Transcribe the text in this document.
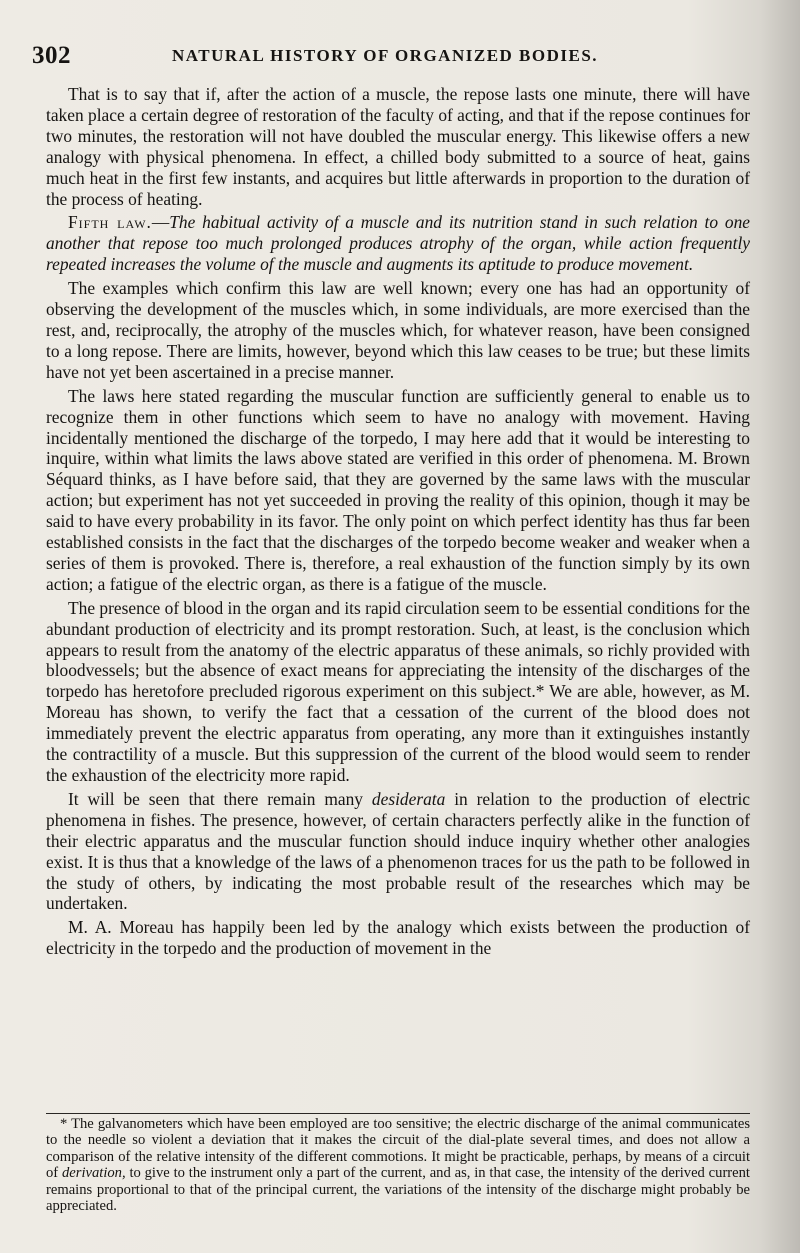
302	NATURAL HISTORY OF ORGANIZED BODIES.

That is to say that if, after the action of a muscle, the repose lasts one minute, there will have taken place a certain degree of restoration of the faculty of acting, and that if the repose continues for two minutes, the restoration will not have doubled the muscular energy. This likewise offers a new analogy with physical phenomena. In effect, a chilled body submitted to a source of heat, gains much heat in the first few instants, and acquires but little afterwards in proportion to the duration of the process of heating.

Fifth law.—The habitual activity of a muscle and its nutrition stand in such relation to one another that repose too much prolonged produces atrophy of the organ, while action frequently repeated increases the volume of the muscle and augments its aptitude to produce movement.

The examples which confirm this law are well known; every one has had an opportunity of observing the development of the muscles which, in some individuals, are more exercised than the rest, and, reciprocally, the atrophy of the muscles which, for whatever reason, have been consigned to a long repose. There are limits, however, beyond which this law ceases to be true; but these limits have not yet been ascertained in a precise manner.

The laws here stated regarding the muscular function are sufficiently general to enable us to recognize them in other functions which seem to have no analogy with movement. Having incidentally mentioned the discharge of the torpedo, I may here add that it would be interesting to inquire, within what limits the laws above stated are verified in this order of phenomena. M. Brown Séquard thinks, as I have before said, that they are governed by the same laws with the muscular action; but experiment has not yet succeeded in proving the reality of this opinion, though it may be said to have every probability in its favor. The only point on which perfect identity has thus far been established consists in the fact that the discharges of the torpedo become weaker and weaker when a series of them is provoked. There is, therefore, a real exhaustion of the function simply by its own action; a fatigue of the electric organ, as there is a fatigue of the muscle.

The presence of blood in the organ and its rapid circulation seem to be essential conditions for the abundant production of electricity and its prompt restoration. Such, at least, is the conclusion which appears to result from the anatomy of the electric apparatus of these animals, so richly provided with bloodvessels; but the absence of exact means for appreciating the intensity of the discharges of the torpedo has heretofore precluded rigorous experiment on this subject.* We are able, however, as M. Moreau has shown, to verify the fact that a cessation of the current of the blood does not immediately prevent the electric apparatus from operating, any more than it extinguishes instantly the contractility of a muscle. But this suppression of the current of the blood would seem to render the exhaustion of the electricity more rapid.

It will be seen that there remain many desiderata in relation to the production of electric phenomena in fishes. The presence, however, of certain characters perfectly alike in the function of their electric apparatus and the muscular function should induce inquiry whether other analogies exist. It is thus that a knowledge of the laws of a phenomenon traces for us the path to be followed in the study of others, by indicating the most probable result of the researches which may be undertaken.

M. A. Moreau has happily been led by the analogy which exists between the production of electricity in the torpedo and the production of movement in the

* The galvanometers which have been employed are too sensitive; the electric discharge of the animal communicates to the needle so violent a deviation that it makes the circuit of the dial-plate several times, and does not allow a comparison of the relative intensity of the different commotions. It might be practicable, perhaps, by means of a circuit of derivation, to give to the instrument only a part of the current, and as, in that case, the intensity of the derived current remains proportional to that of the principal current, the variations of the intensity of the discharge might probably be appreciated.
